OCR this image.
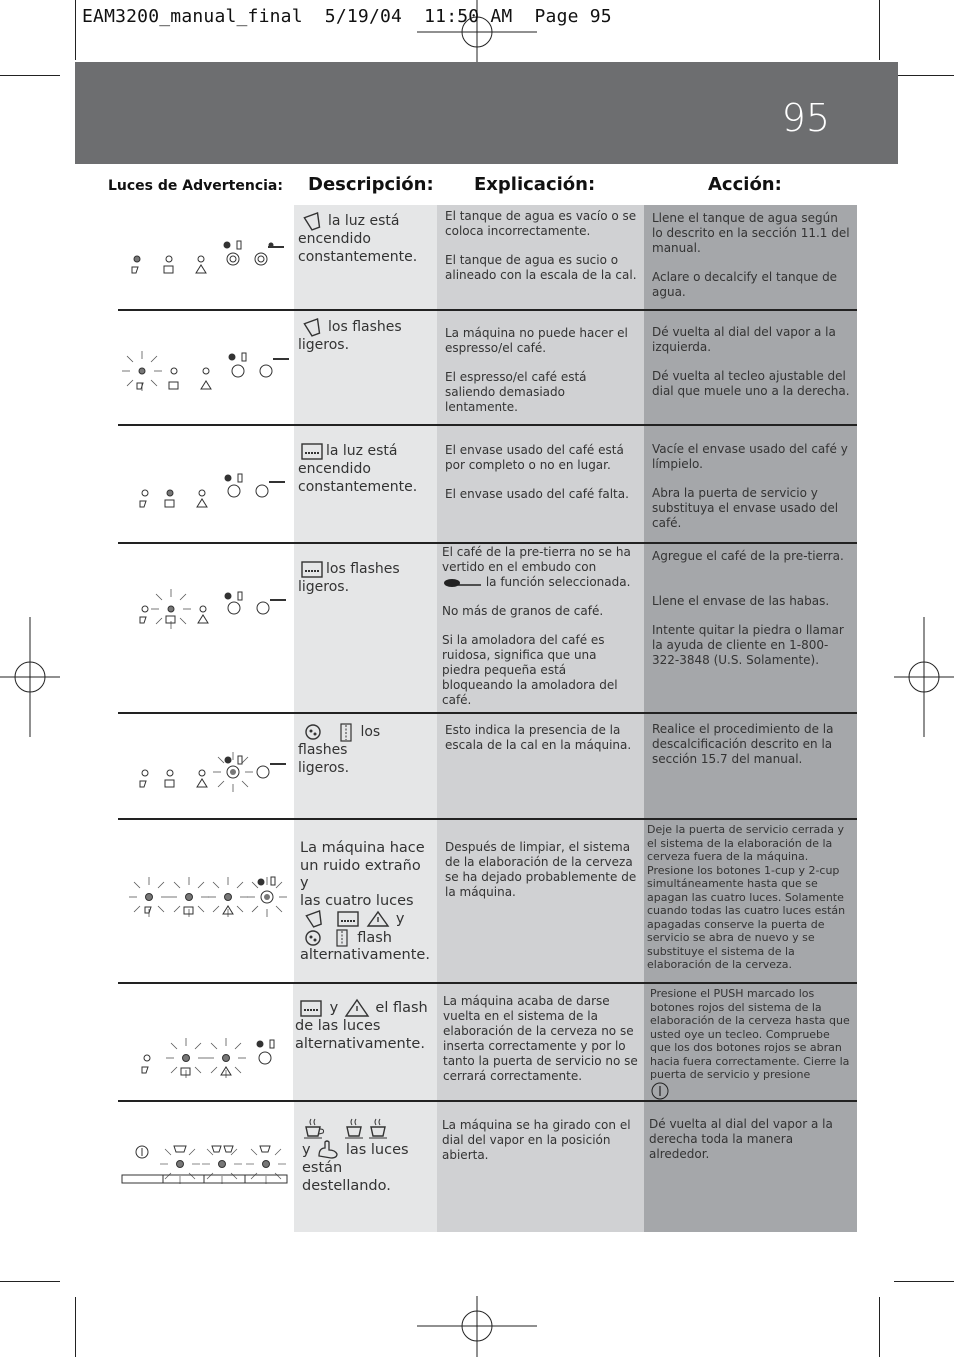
EAM3200_manual_final  5/19/04  11:50 AM  Page 95
95
Luces de Advertencia: Descripción: Explicación:	Acción:
la luz está
encendido
constantemente.

El tanque de agua es vacío o se coloca incorrectamente.

El tanque de agua es sucio o alineado con la escala de la cal.

Llene el tanque de agua según lo descrito en la sección 11.1 del manual.

Aclare o decalcify el tanque de agua.

los flashes
ligeros.

La máquina no puede hacer el espresso/el café.

El espresso/el café está saliendo demasiado lentamente.

Dé vuelta al dial del vapor a la izquierda.

Dé vuelta al tecleo ajustable del dial que muele uno a la derecha.

la luz está
encendido
constantemente.

El envase usado del café está por completo o no en lugar.

El envase usado del café falta.

Vacíe el envase usado del café y límpielo.

Abra la puerta de servicio y substituya el envase usado del café.

los flashes
ligeros.

El café de la pre-tierra no se ha vertido en el embudo con
la función seleccionada.

No más de granos de café.

Si la amoladora del café es ruidosa, significa que una piedra pequeña está bloqueando la amoladora del café.

Agregue el café de la pre-tierra.

Llene el envase de las habas.

Intente quitar la piedra o llamar la ayuda de cliente en 1-800-322-3848 (U.S. Solamente).

los flashes
ligeros.

Esto indica la presencia de la escala de la cal en la máquina.

Realice el procedimiento de la descalcificación descrito en la sección 15.7 del manual.

La máquina hace
un ruido extraño y
las cuatro luces
y
flash
alternativamente.

Después de limpiar, el sistema de la elaboración de la cerveza se ha dejado probablemente de la máquina.

Deje la puerta de servicio cerrada y el sistema de la elaboración de la cerveza fuera de la máquina. Presione los botones 1-cup y 2-cup simultáneamente hasta que se apagan las cuatro luces. Solamente cuando todas las cuatro luces están apagadas conserve la puerta de servicio se abra de nuevo y se substituye el sistema de la elaboración de la cerveza.

y	el flash
de las luces
alternativamente.

La máquina acaba de darse vuelta en el sistema de la elaboración de la cerveza no se inserta correctamente y por lo tanto la puerta de servicio no se cerrará correctamente.

Presione el PUSH marcado los botones rojos del sistema de la elaboración de la cerveza hasta que usted oye un tecleo. Compruebe que los dos botones rojos se abran hacia fuera correctamente. Cierre la puerta de servicio y presione

y las luces
están
destellando.

La máquina se ha girado con el dial del vapor en la posición abierta.

Dé vuelta al dial del vapor a la derecha toda la manera alrededor.
